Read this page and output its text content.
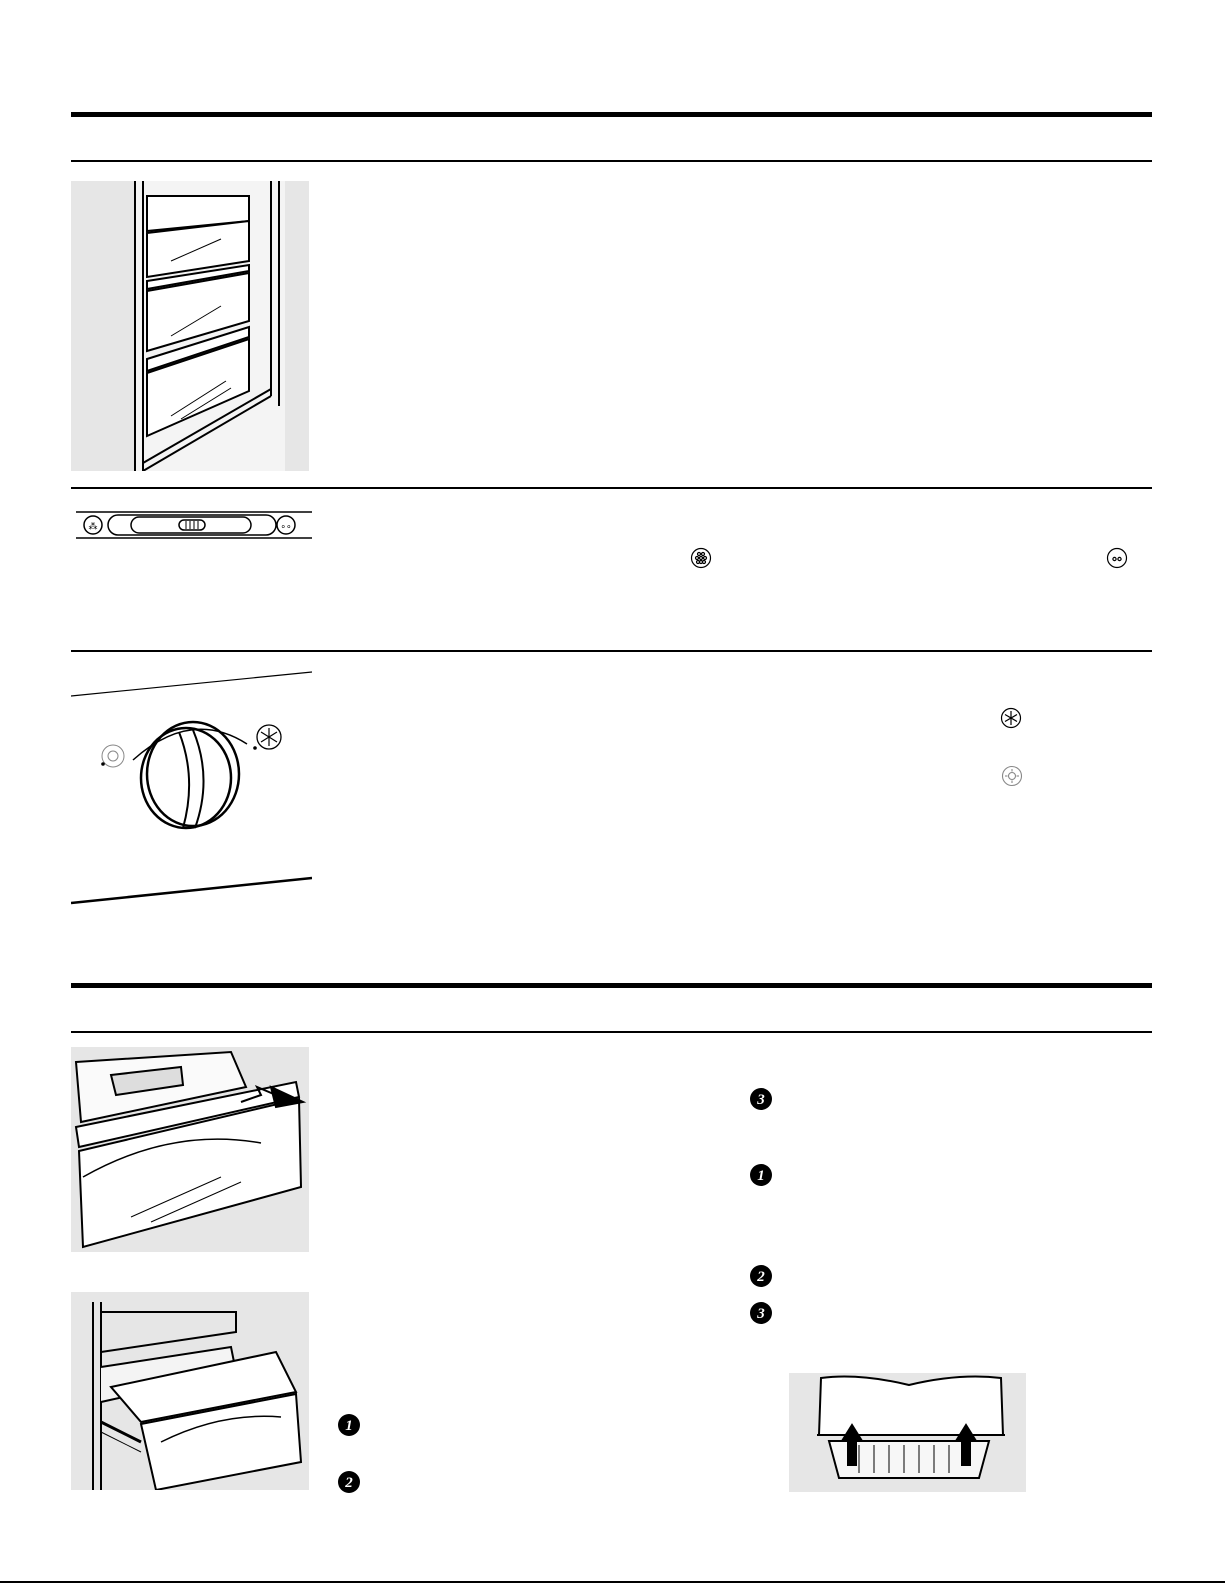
⁂	∘∘
3
1
2
3
1
2
